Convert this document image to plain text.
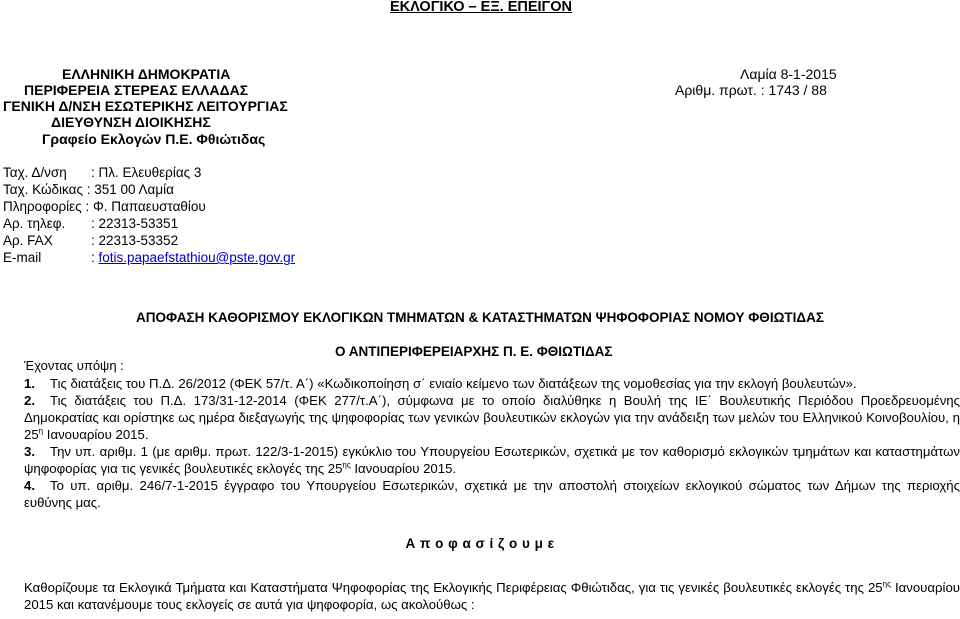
ΕΚΛΟΓΙΚΟ – ΕΞ. ΕΠΕΙΓΟΝ
ΕΛΛΗΝΙΚΗ ΔΗΜΟΚΡΑΤΙΑ
ΠΕΡΙΦΕΡΕΙΑ ΣΤΕΡΕΑΣ ΕΛΛΑΔΑΣ
ΓΕΝΙΚΗ Δ/ΝΣΗ ΕΣΩΤΕΡΙΚΗΣ ΛΕΙΤΟΥΡΓΙΑΣ
ΔΙΕΥΘΥΝΣΗ ΔΙΟΙΚΗΣΗΣ
Γραφείο Εκλογών Π.Ε. Φθιώτιδας
Λαμία 8-1-2015
Αριθμ. πρωτ. : 1743 / 88
Ταχ. Δ/νση : Πλ. Ελευθερίας 3
Ταχ. Κώδικας : 351 00 Λαμία
Πληροφορίες : Φ. Παπαευσταθίου
Αρ. τηλεφ. : 22313-53351
Αρ. FAX	: 22313-53352
E-mail	: fotis.papaefstathiou@pste.gov.gr
ΑΠΟΦΑΣΗ ΚΑΘΟΡΙΣΜΟΥ ΕΚΛΟΓΙΚΩΝ ΤΜΗΜΑΤΩΝ & ΚΑΤΑΣΤΗΜΑΤΩΝ ΨΗΦΟΦΟΡΙΑΣ ΝΟΜΟΥ ΦΘΙΩΤΙΔΑΣ
Ο ΑΝΤΙΠΕΡΙΦΕΡΕΙΑΡΧΗΣ Π. Ε. ΦΘΙΩΤΙΔΑΣ
Έχοντας υπόψη :
1. Τις διατάξεις του Π.Δ. 26/2012 (ΦΕΚ 57/τ. Α΄) «Κωδικοποίηση σ΄ ενιαίο κείμενο των διατάξεων της νομοθεσίας για την εκλογή βουλευτών».
2. Τις διατάξεις του Π.Δ. 173/31-12-2014 (ΦΕΚ 277/τ.Α΄), σύμφωνα με το οποίο διαλύθηκε η Βουλή της ΙΕ΄ Βουλευτικής Περιόδου Προεδρευομένης Δημοκρατίας και ορίστηκε ως ημέρα διεξαγωγής της ψηφοφορίας των γενικών βουλευτικών εκλογών για την ανάδειξη των μελών του Ελληνικού Κοινοβουλίου, η $25^\eta$ Ιανουαρίου 2015.
3. Την υπ. αριθμ. 1 (με αριθμ. πρωτ. 122/3-1-2015) εγκύκλιο του Υπουργείου Εσωτερικών, σχετικά με τον καθορισμό εκλογικών τμημάτων και καταστημάτων ψηφοφορίας για τις γενικές βουλευτικές εκλογές της $25^{\eta\varsigma}$ Ιανουαρίου 2015.
4. Το υπ. αριθμ. 246/7-1-2015 έγγραφο του Υπουργείου Εσωτερικών, σχετικά με την αποστολή στοιχείων εκλογικού σώματος των Δήμων της περιοχής ευθύνης μας.
Α π ο φ α σ ί ζ ο υ μ ε
Καθορίζουμε τα Εκλογικά Τμήματα και Καταστήματα Ψηφοφορίας της Εκλογικής Περιφέρειας Φθιώτιδας, για τις γενικές βουλευτικές εκλογές της $25^{\eta\varsigma}$ Ιανουαρίου 2015 και κατανέμουμε τους εκλογείς σε αυτά για ψηφοφορία, ως ακολούθως :
